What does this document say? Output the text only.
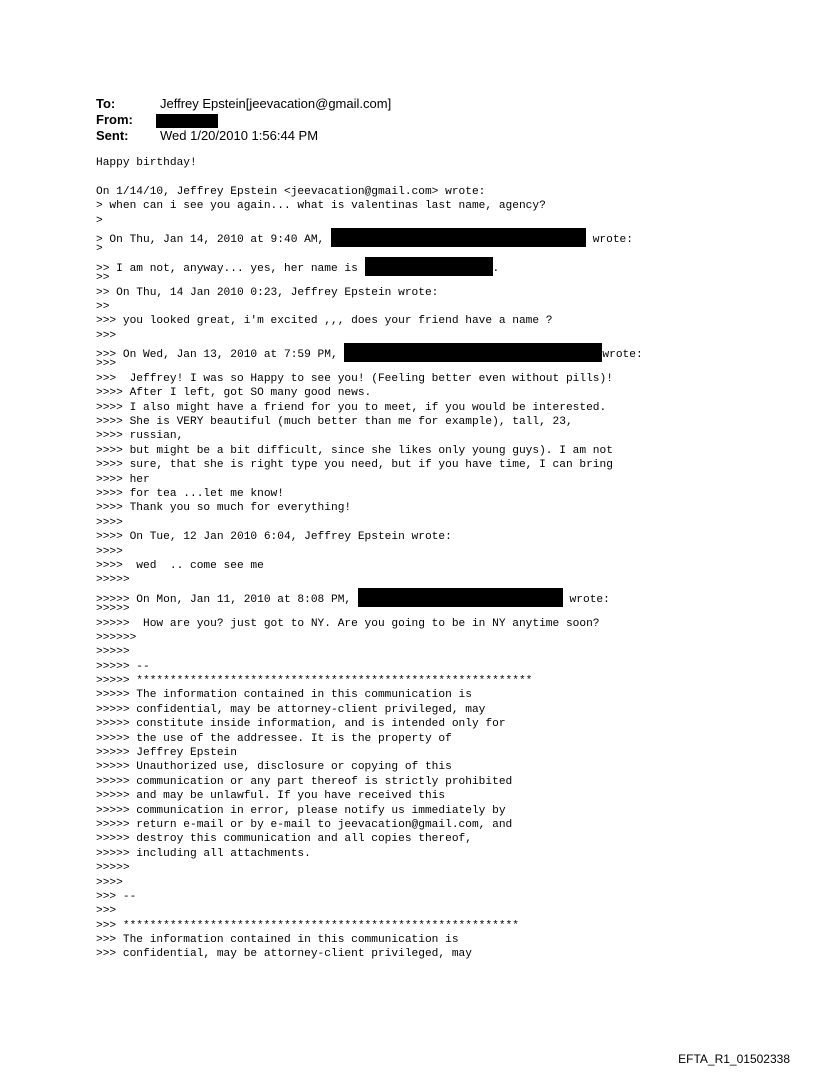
To:	Jeffrey Epstein[jeevacation@gmail.com]
From:
Sent: Wed 1/20/2010 1:56:44 PM
Happy birthday!
On 1/14/10, Jeffrey Epstein <jeevacation@gmail.com> wrote:
> when can i see you again... what is valentinas last name, agency?
>
> On Thu, Jan 14, 2010 at 9:40 AM,	wrote:
>
>> I am not, anyway... yes, her name is	.
>>
>> On Thu, 14 Jan 2010 0:23, Jeffrey Epstein wrote:
>>
>>> you looked great, i'm excited ,,, does your friend have a name ?
>>>
>>> On Wed, Jan 13, 2010 at 7:59 PM,	wrote:
>>>
>>>  Jeffrey! I was so Happy to see you! (Feeling better even without pills)!
>>>> After I left, got SO many good news.
>>>> I also might have a friend for you to meet, if you would be interested.
>>>> She is VERY beautiful (much better than me for example), tall, 23,
>>>> russian,
>>>> but might be a bit difficult, since she likes only young guys). I am not
>>>> sure, that she is right type you need, but if you have time, I can bring
>>>> her
>>>> for tea ...let me know!
>>>> Thank you so much for everything!
>>>>
>>>> On Tue, 12 Jan 2010 6:04, Jeffrey Epstein wrote:
>>>>
>>>>  wed  .. come see me
>>>>>
>>>>> On Mon, Jan 11, 2010 at 8:08 PM,	wrote:
>>>>>
>>>>>  How are you? just got to NY. Are you going to be in NY anytime soon?
>>>>>>
>>>>>
>>>>> --
>>>>> ***********************************************************
>>>>> The information contained in this communication is
>>>>> confidential, may be attorney-client privileged, may
>>>>> constitute inside information, and is intended only for
>>>>> the use of the addressee. It is the property of
>>>>> Jeffrey Epstein
>>>>> Unauthorized use, disclosure or copying of this
>>>>> communication or any part thereof is strictly prohibited
>>>>> and may be unlawful. If you have received this
>>>>> communication in error, please notify us immediately by
>>>>> return e-mail or by e-mail to jeevacation@gmail.com, and
>>>>> destroy this communication and all copies thereof,
>>>>> including all attachments.
>>>>>
>>>>
>>> --
>>>
>>> ***********************************************************
>>> The information contained in this communication is
>>> confidential, may be attorney-client privileged, may
EFTA_R1_01502338
